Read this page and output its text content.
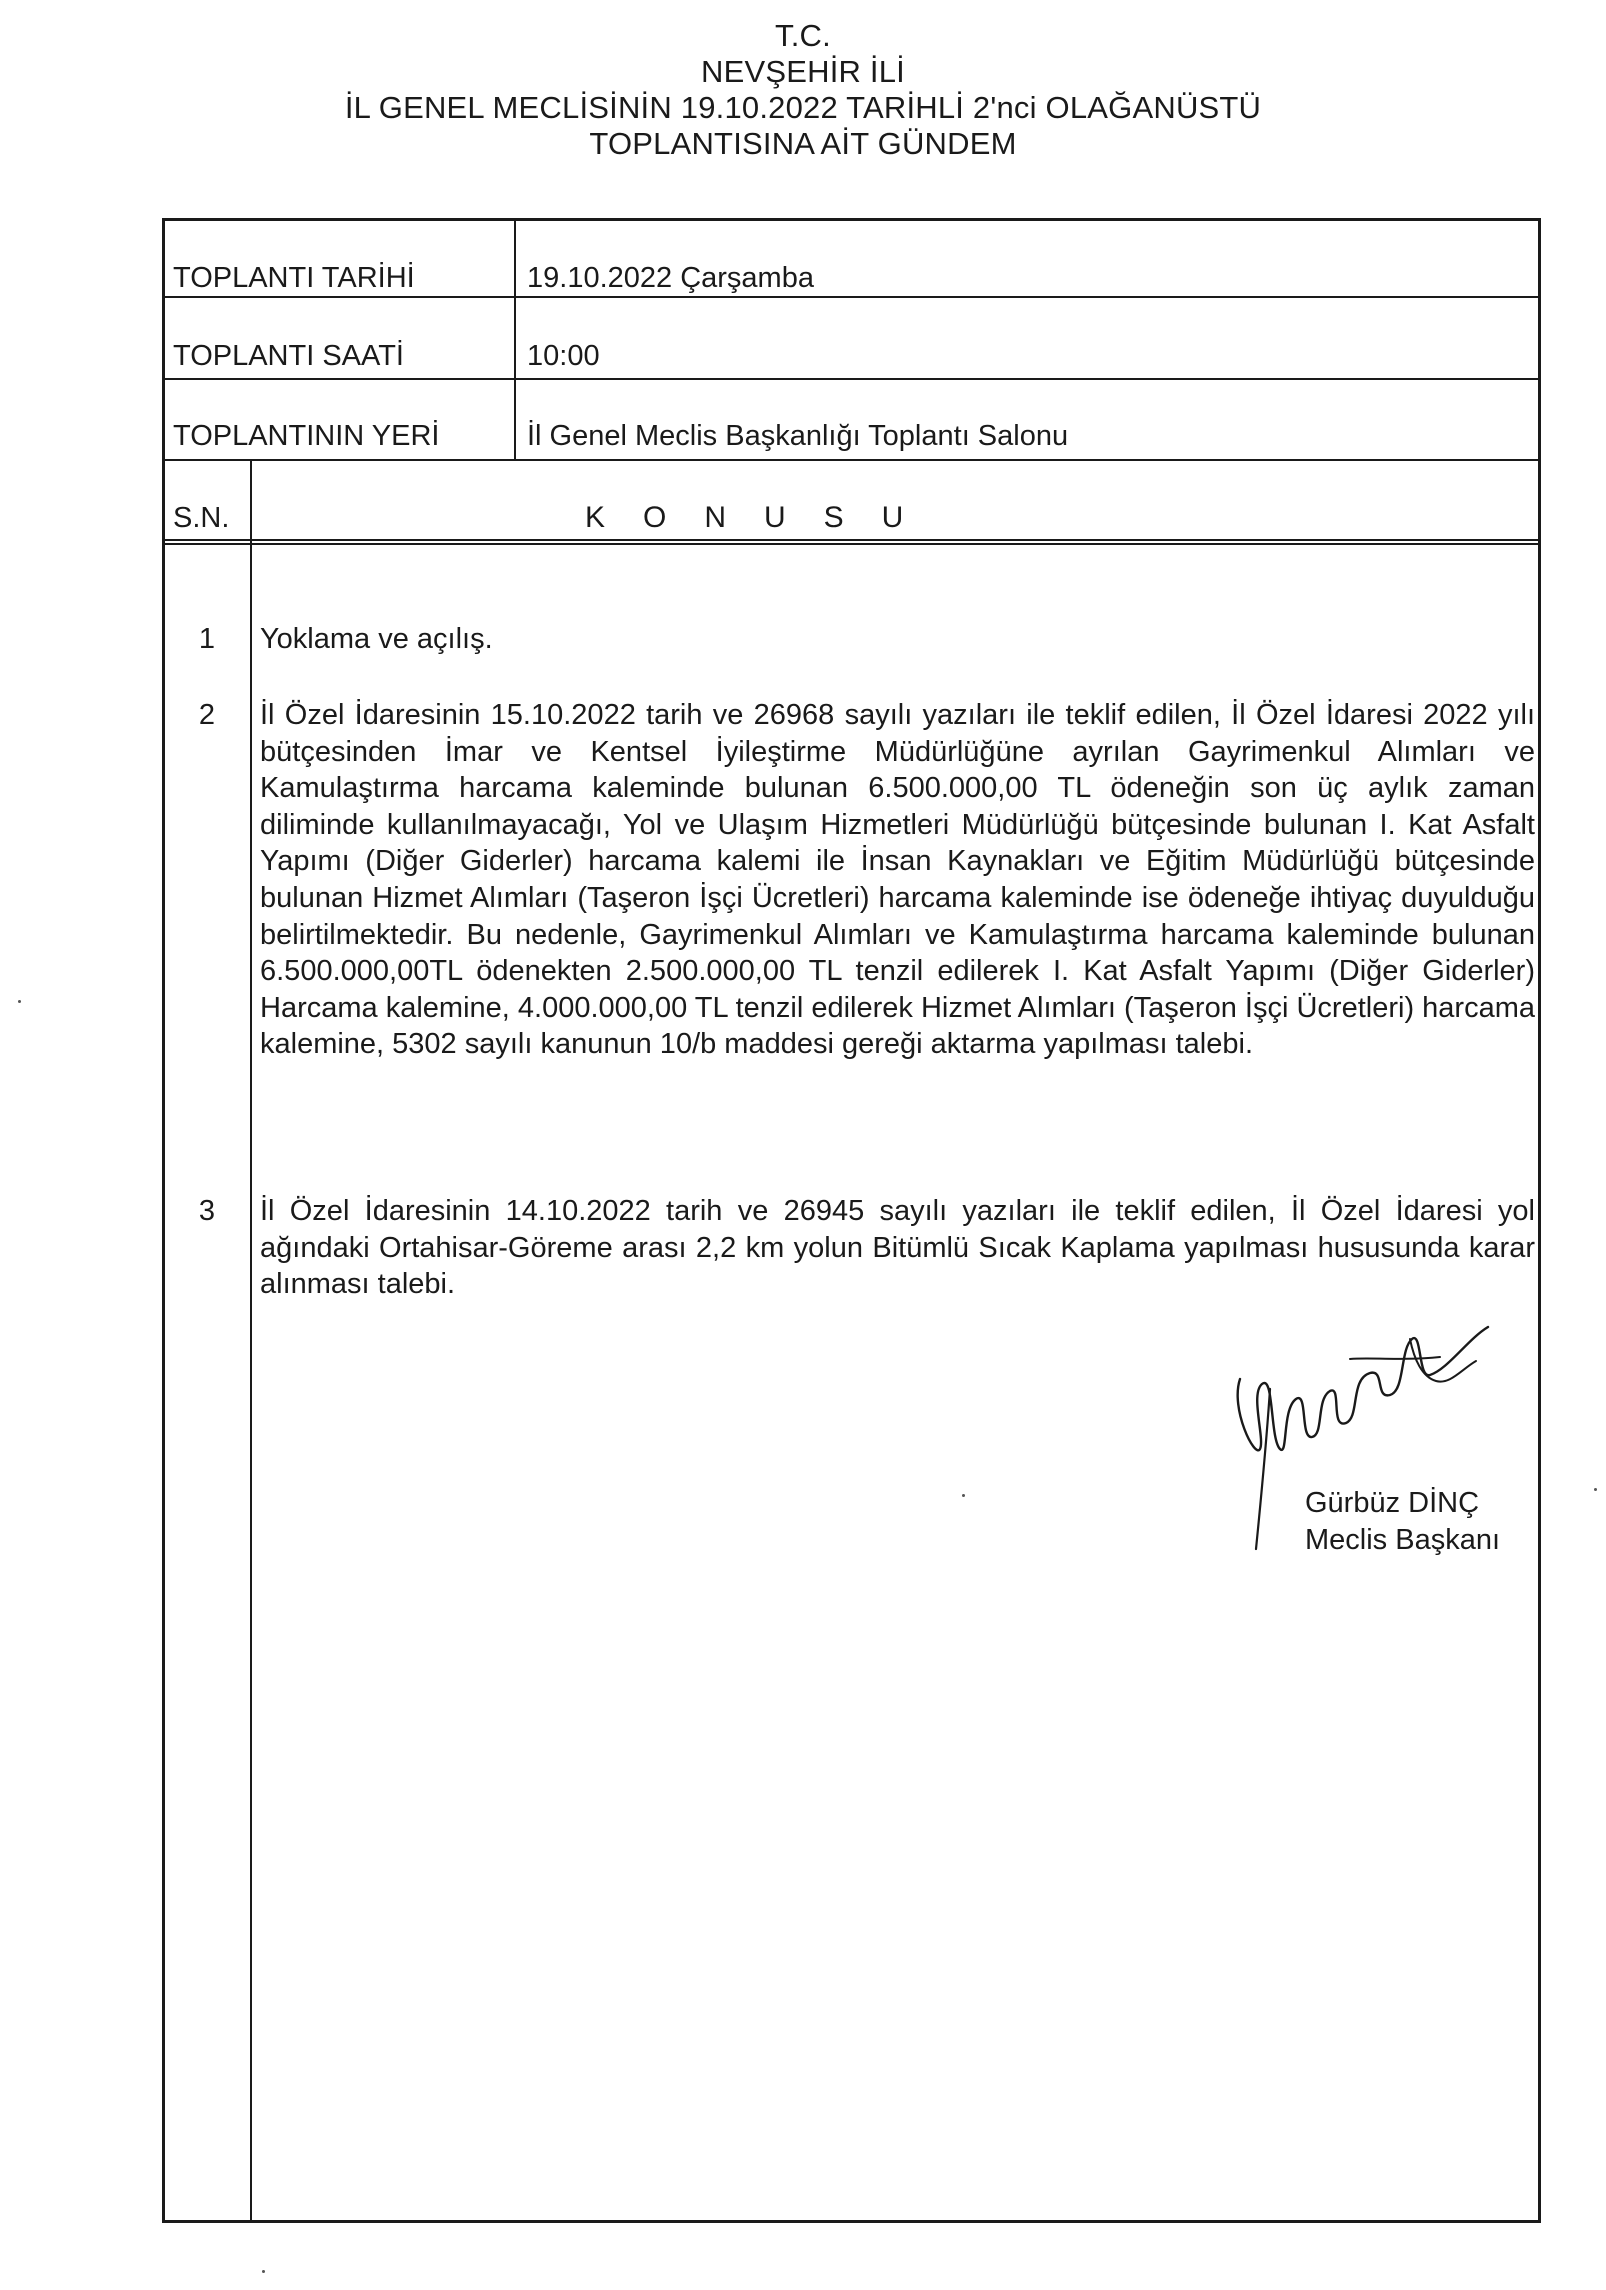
T.C.
NEVŞEHİR İLİ
İL GENEL MECLİSİNİN 19.10.2022 TARİHLİ 2'nci OLAĞANÜSTÜ
TOPLANTISINA AİT GÜNDEM
TOPLANTI TARİHİ	19.10.2022 Çarşamba
TOPLANTI SAATİ	10:00
TOPLANTININ YERİ	İl Genel Meclis Başkanlığı Toplantı Salonu
S.N.	KONUSU
1	Yoklama ve açılış.
2	İl Özel İdaresinin 15.10.2022 tarih ve 26968 sayılı yazıları ile teklif edilen, İl Özel İdaresi 2022 yılı bütçesinden İmar ve Kentsel İyileştirme Müdürlüğüne ayrılan Gayrimenkul Alımları ve Kamulaştırma harcama kaleminde bulunan 6.500.000,00 TL ödeneğin son üç aylık zaman diliminde kullanılmayacağı, Yol ve Ulaşım Hizmetleri Müdürlüğü bütçesinde bulunan I. Kat Asfalt Yapımı (Diğer Giderler) harcama kalemi ile İnsan Kaynakları ve Eğitim Müdürlüğü bütçesinde bulunan Hizmet Alımları (Taşeron İşçi Ücretleri) harcama kaleminde ise ödeneğe ihtiyaç duyulduğu belirtilmektedir. Bu nedenle, Gayrimenkul Alımları ve Kamulaştırma harcama kaleminde bulunan 6.500.000,00TL ödenekten 2.500.000,00 TL tenzil edilerek I. Kat Asfalt Yapımı (Diğer Giderler) Harcama kalemine, 4.000.000,00 TL tenzil edilerek Hizmet Alımları (Taşeron İşçi Ücretleri) harcama kalemine, 5302 sayılı kanunun 10/b maddesi gereği aktarma yapılması talebi.
3	İl Özel İdaresinin 14.10.2022 tarih ve 26945 sayılı yazıları ile teklif edilen, İl Özel İdaresi yol ağındaki Ortahisar-Göreme arası 2,2 km yolun Bitümlü Sıcak Kaplama yapılması hususunda karar alınması talebi.
Gürbüz DİNÇ
Meclis Başkanı
